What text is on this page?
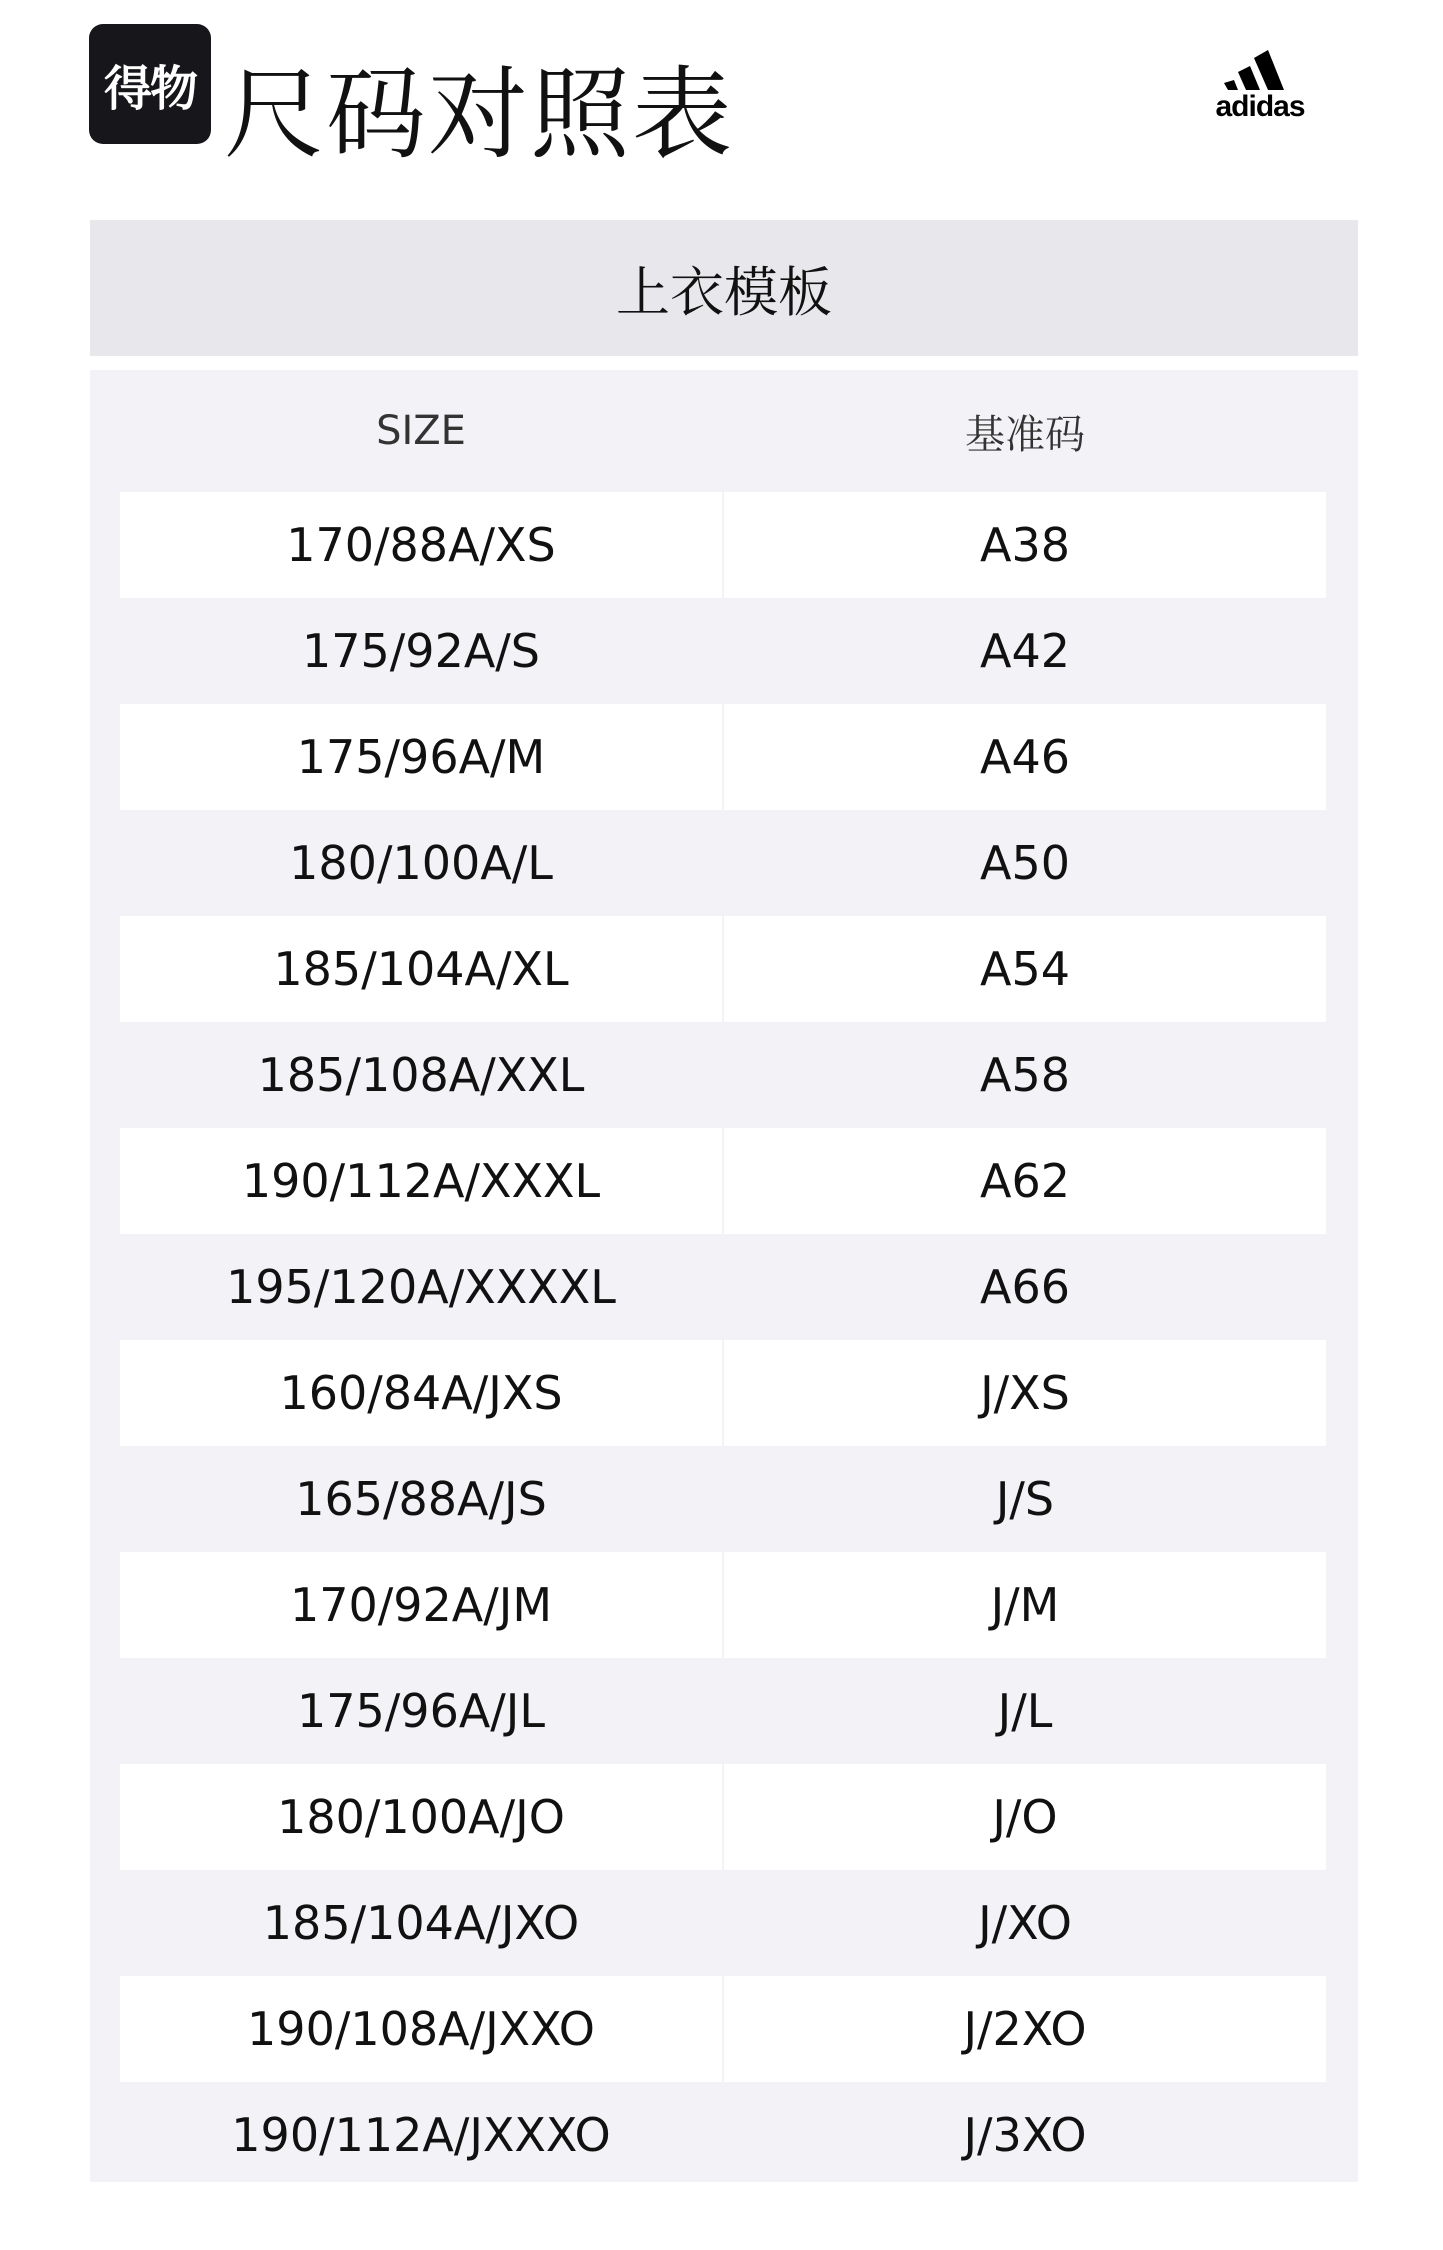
得物 尺码对照表	adidas
上衣模板
SIZE	基准码
170/88A/XS	A38
175/92A/S	A42
175/96A/M	A46
180/100A/L	A50
185/104A/XL	A54
185/108A/XXL	A58
190/112A/XXXL	A62
195/120A/XXXXL	A66
160/84A/JXS	J/XS
165/88A/JS	J/S
170/92A/JM	J/M
175/96A/JL	J/L
180/100A/JO	J/O
185/104A/JXO	J/XO
190/108A/JXXO	J/2XO
190/112A/JXXXO	J/3XO
